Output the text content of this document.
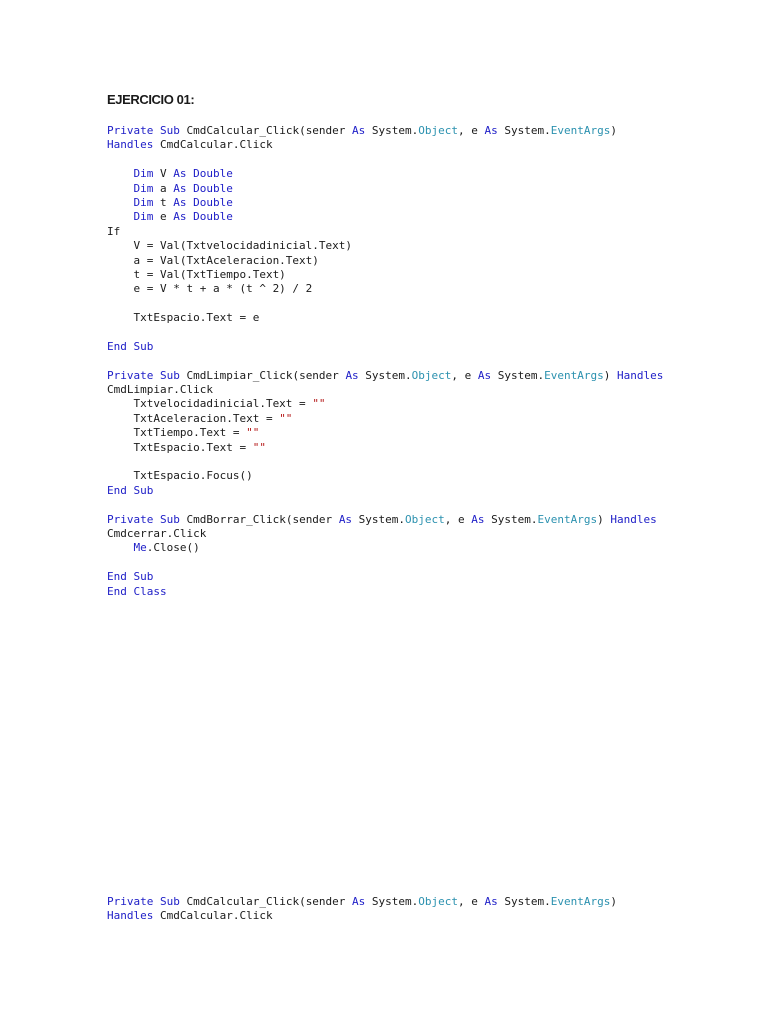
EJERCICIO 01:
Private Sub CmdCalcular_Click(sender As System.Object, e As System.EventArgs)
Handles CmdCalcular.Click
Dim V As Double
Dim a As Double
Dim t As Double
Dim e As Double
If
V = Val(Txtvelocidadinicial.Text)
a = Val(TxtAceleracion.Text)
t = Val(TxtTiempo.Text)
e = V * t + a * (t ^ 2) / 2
TxtEspacio.Text = e
End Sub
Private Sub CmdLimpiar_Click(sender As System.Object, e As System.EventArgs) Handles
CmdLimpiar.Click
Txtvelocidadinicial.Text = ""
TxtAceleracion.Text = ""
TxtTiempo.Text = ""
TxtEspacio.Text = ""
TxtEspacio.Focus()
End Sub
Private Sub CmdBorrar_Click(sender As System.Object, e As System.EventArgs) Handles
Cmdcerrar.Click
Me.Close()
End Sub
End Class
Private Sub CmdCalcular_Click(sender As System.Object, e As System.EventArgs)
Handles CmdCalcular.Click
